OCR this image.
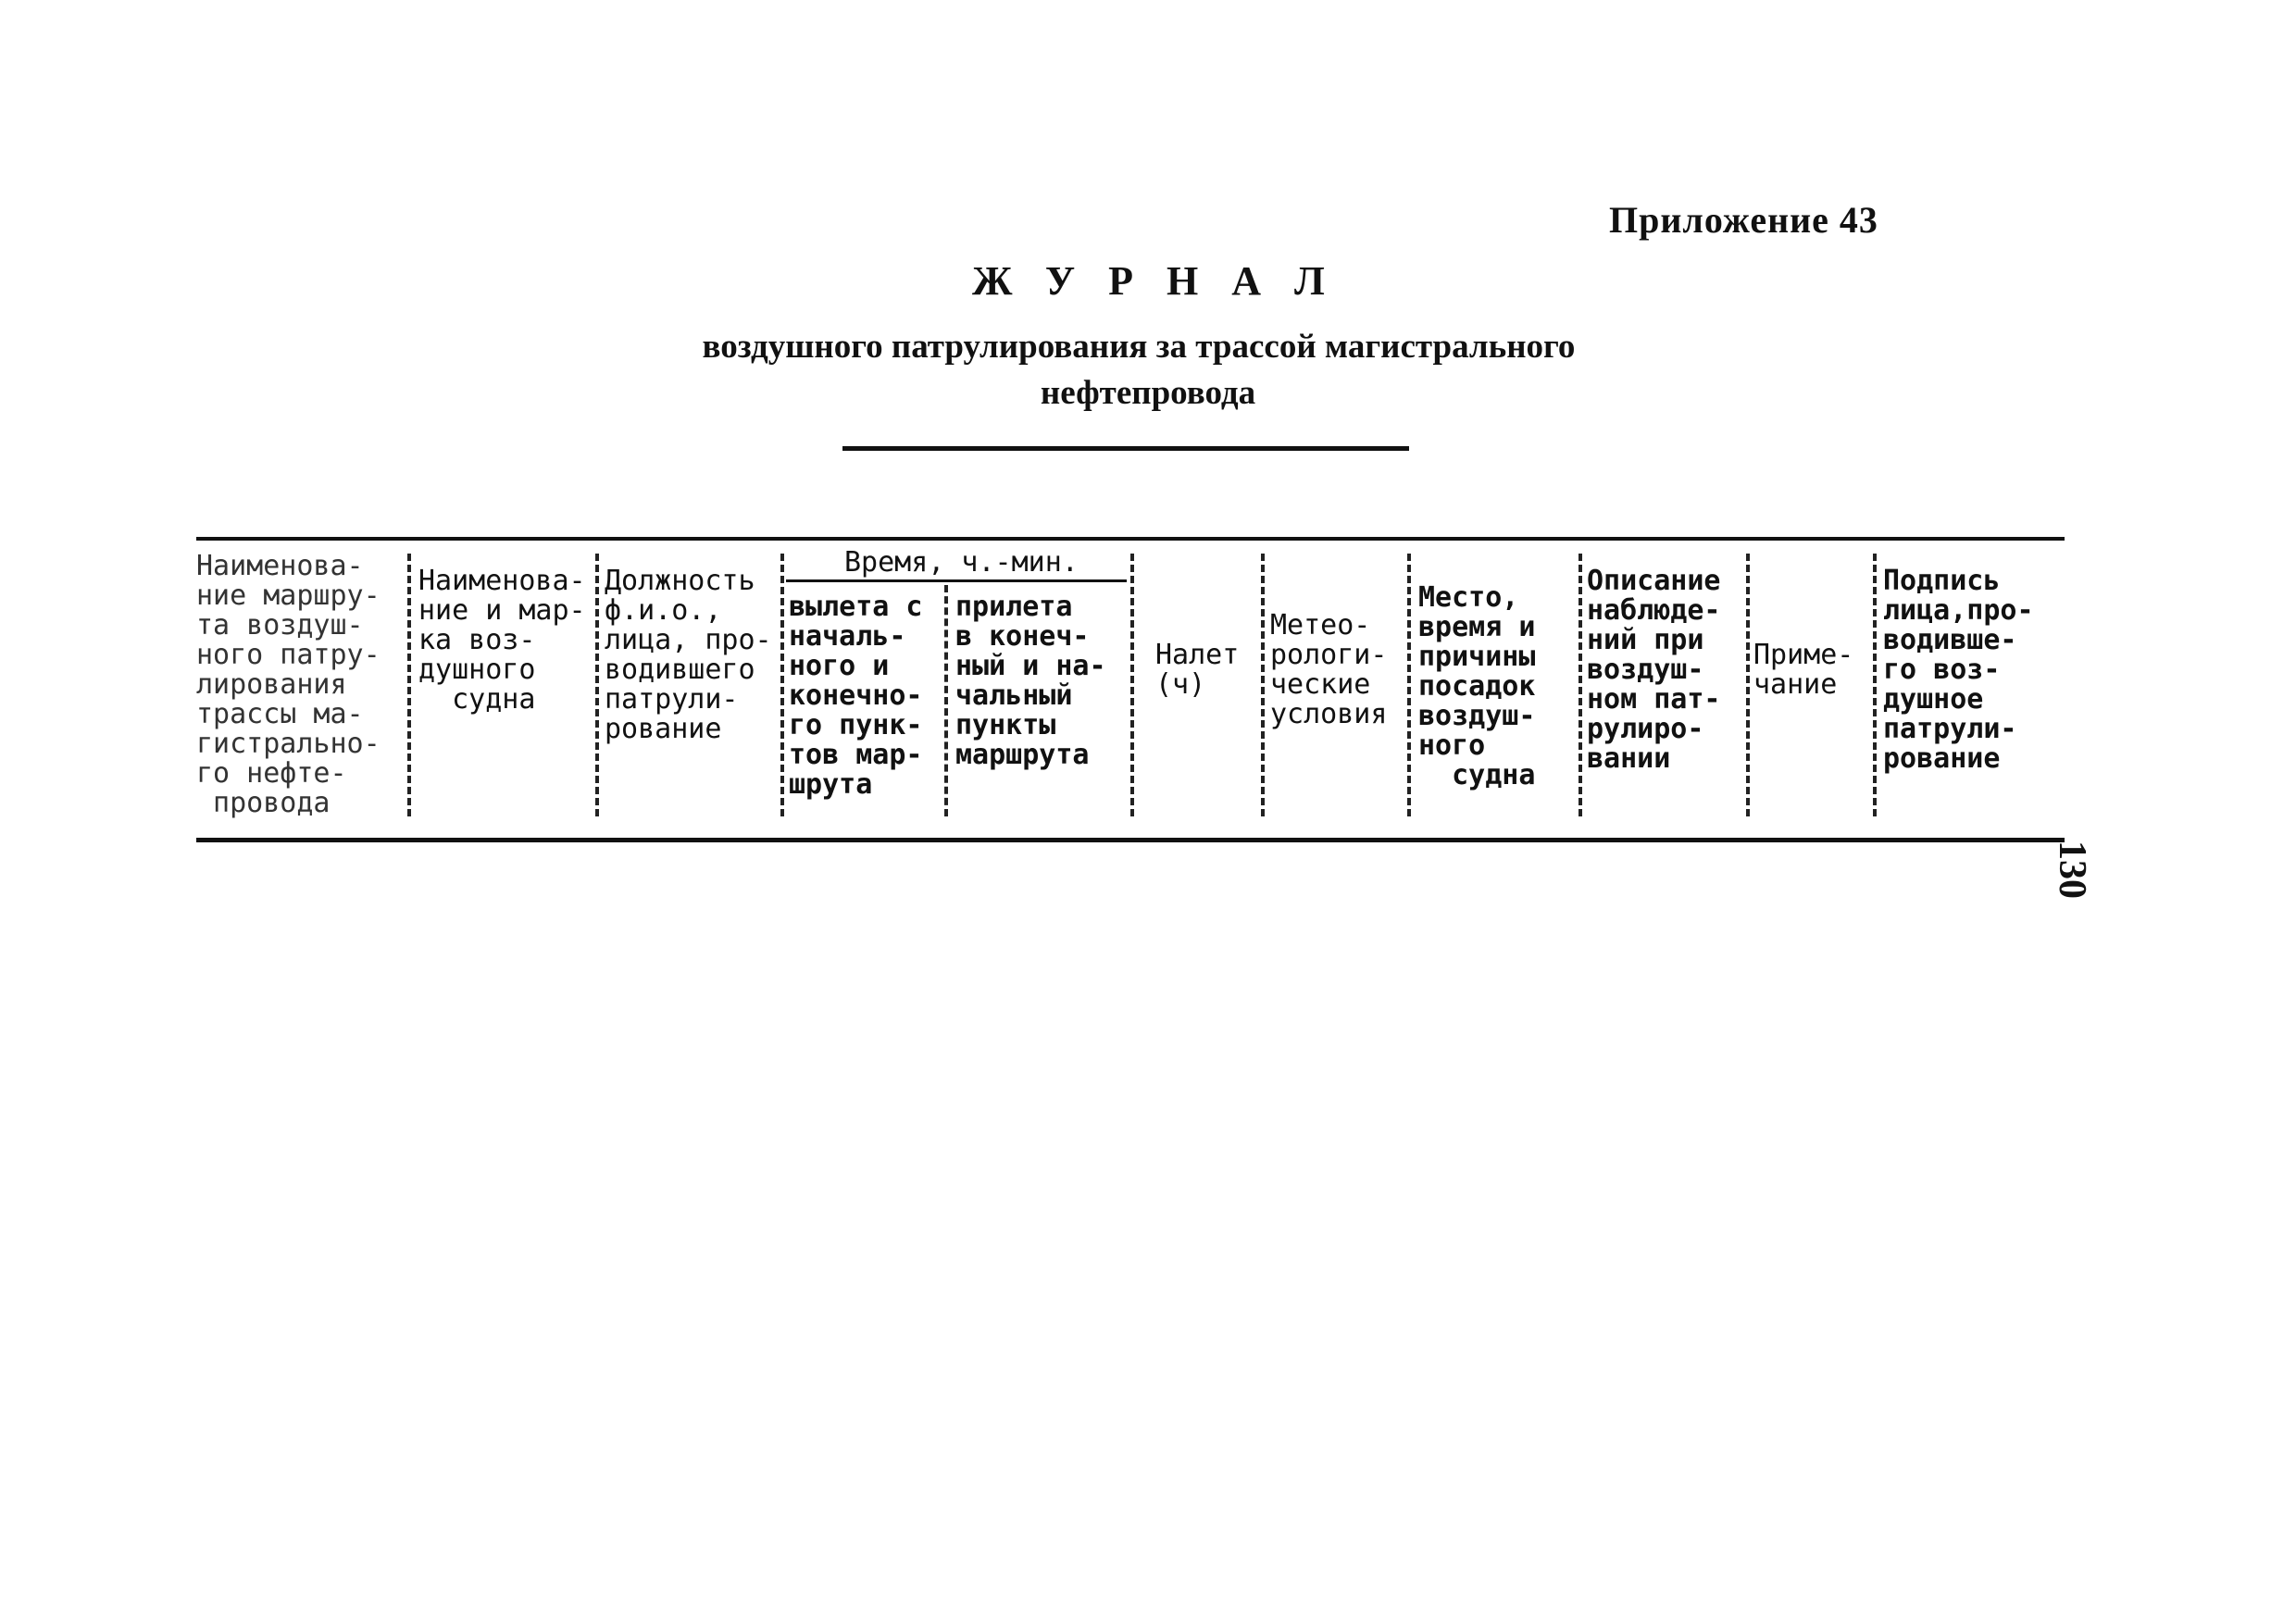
Приложение 43
ЖУРНАЛ
воздушного патрулирования за трассой магистрального
нефтепровода
Наименова-
ние маршру-
та воздуш-
ного патру-
лирования
трассы ма-
гистрально-
го нефте-
провода
Наименова-
ние и мар-
ка воз-
душного
судна
Должность
ф.и.о.,
лица, про-
водившего
патрули-
рование
Время, ч.-мин.
вылета с
началь-
ного и
конечно-
го пунк-
тов мар-
шрута
прилета
в конеч-
ный и на-
чальный
пункты
маршрута
Налет
(ч)
Метео-
рологи-
ческие
условия
Место,
время и
причины
посадок
воздуш-
ного
судна
Описание
наблюде-
ний при
воздуш-
ном пат-
рулиро-
вании
Приме-
чание
Подпись
лица,про-
водивше-
го воз-
душное
патрули-
рование
130
